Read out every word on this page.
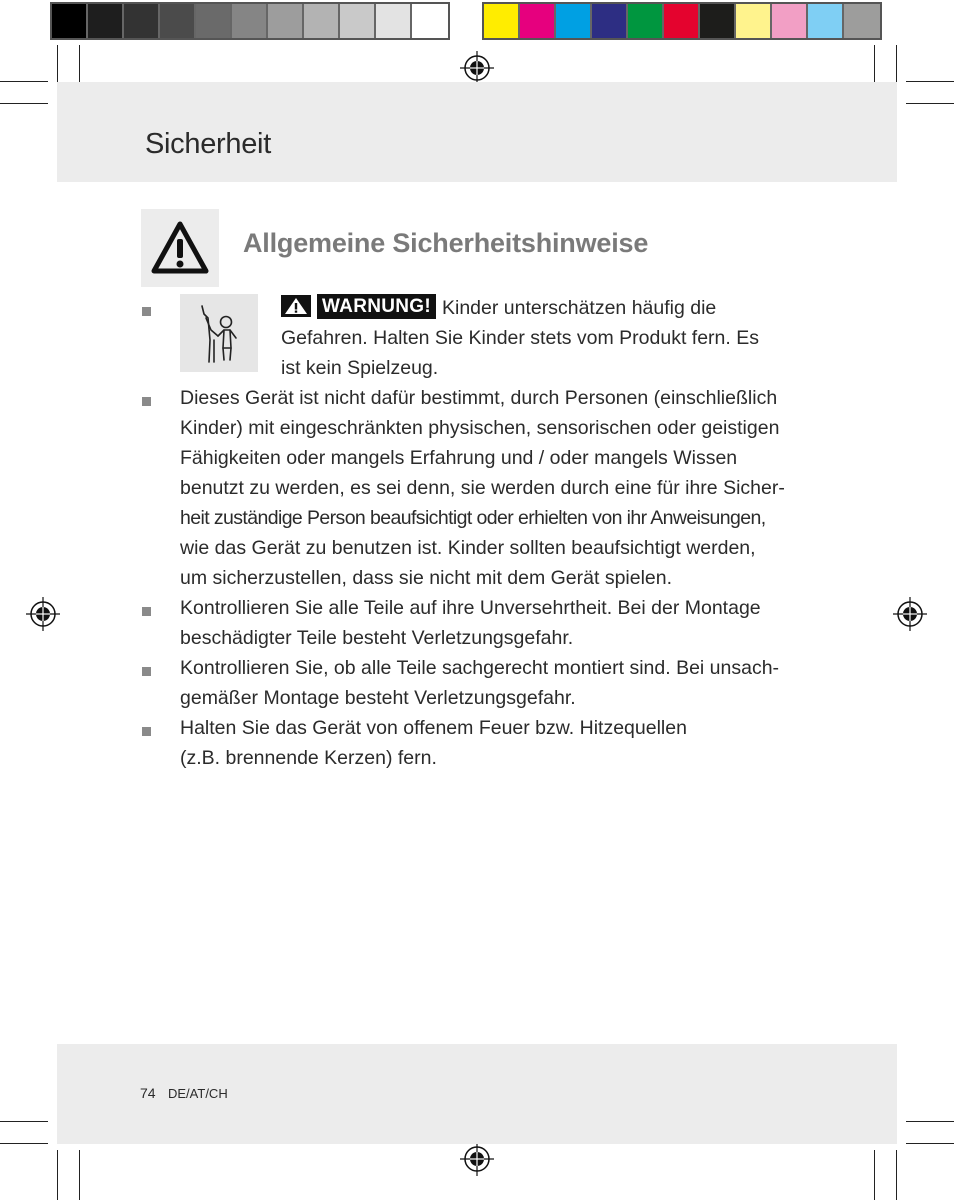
Sicherheit
Allgemeine Sicherheitshinweise

WARNUNG! Kinder unterschätzen häufig die
Gefahren. Halten Sie Kinder stets vom Produkt fern. Es
ist kein Spielzeug.

Dieses Gerät ist nicht dafür bestimmt, durch Personen (einschließlich
Kinder) mit eingeschränkten physischen, sensorischen oder geistigen
Fähigkeiten oder mangels Erfahrung und / oder mangels Wissen
benutzt zu werden, es sei denn, sie werden durch eine für ihre Sicher-
heit zuständige Person beaufsichtigt oder erhielten von ihr Anweisungen,
wie das Gerät zu benutzen ist. Kinder sollten beaufsichtigt werden,
um sicherzustellen, dass sie nicht mit dem Gerät spielen.

Kontrollieren Sie alle Teile auf ihre Unversehrtheit. Bei der Montage
beschädigter Teile besteht Verletzungsgefahr.

Kontrollieren Sie, ob alle Teile sachgerecht montiert sind. Bei unsach-
gemäßer Montage besteht Verletzungsgefahr.

Halten Sie das Gerät von offenem Feuer bzw. Hitzequellen
(z.B. brennende Kerzen) fern.

74 DE/AT/CH
